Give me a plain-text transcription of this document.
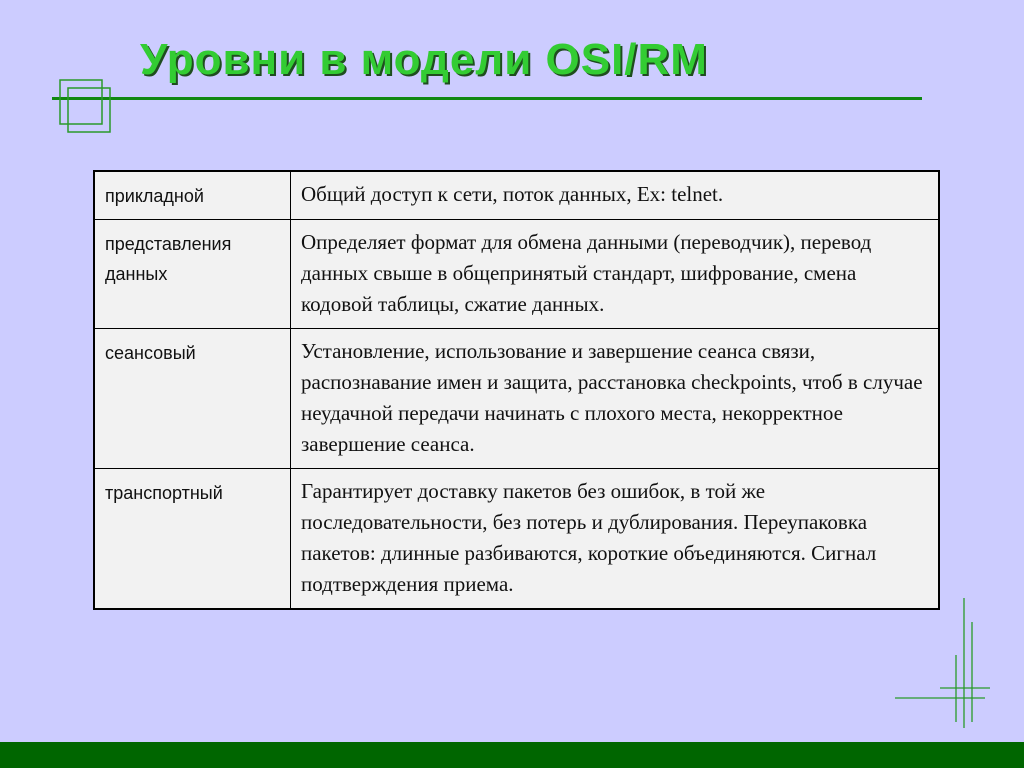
Уровни в модели OSI/RM
прикладной	Общий доступ к сети, поток данных, Ex: telnet.
представления данных	Определяет формат для обмена данными (переводчик), перевод данных свыше в общепринятый стандарт, шифрование, смена кодовой таблицы, сжатие данных.
сеансовый	Установление, использование и завершение сеанса связи, распознавание имен и защита, расстановка checkpoints, чтоб в случае неудачной передачи начинать с плохого места, некорректное завершение сеанса.
транспортный	Гарантирует доставку пакетов без ошибок, в той же последовательности, без потерь и дублирования. Переупаковка пакетов: длинные разбиваются, короткие объединяются. Сигнал подтверждения приема.
